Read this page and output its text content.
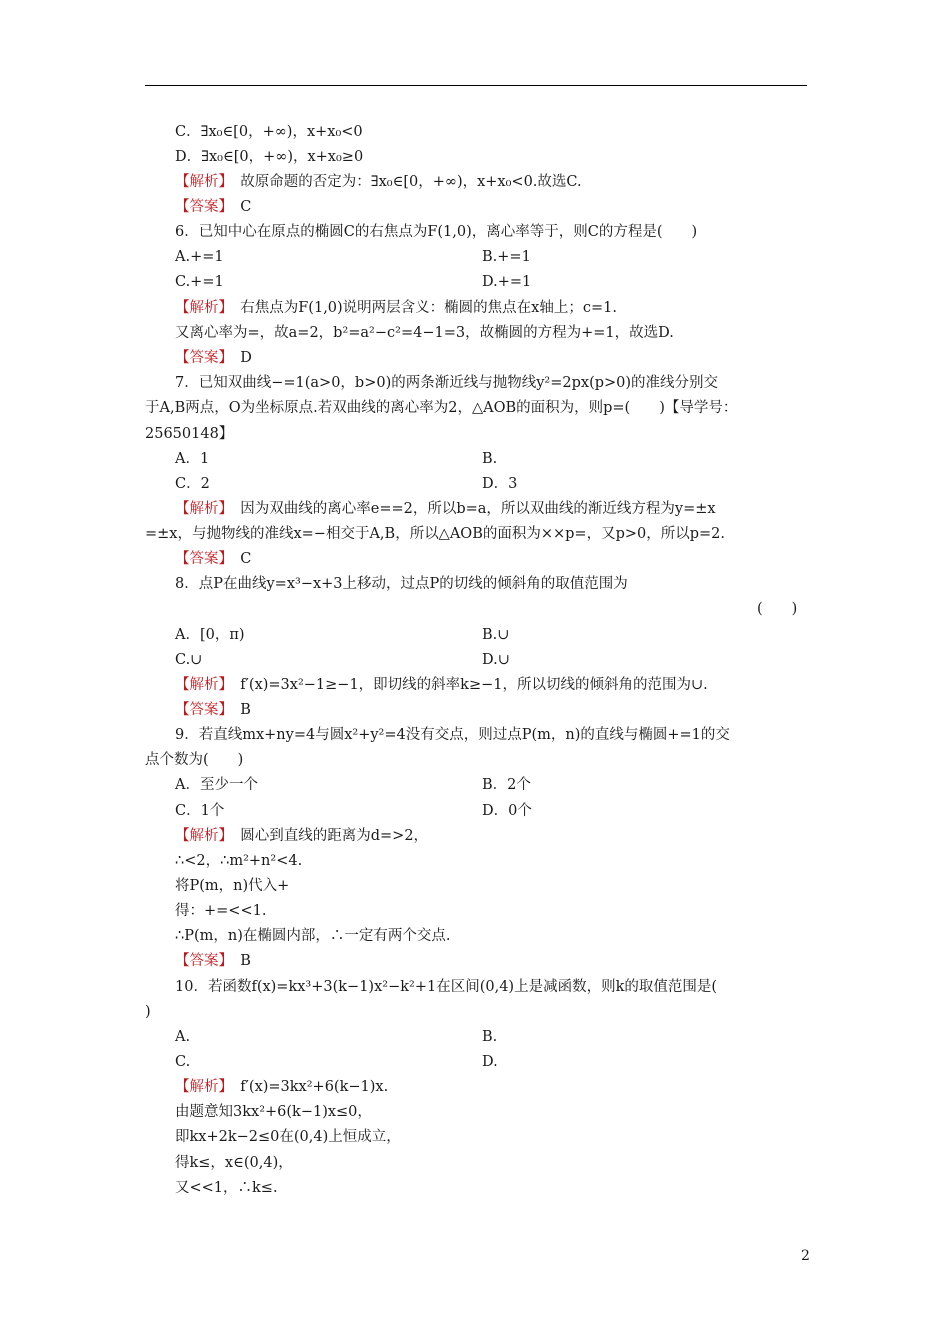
C．∃x₀∈[0，+∞)，x+x₀<0
D．∃x₀∈[0，+∞)，x+x₀≥0
【解析】　故原命题的否定为：∃x₀∈[0，+∞)，x+x₀<0.故选C.
【答案】　C
6．已知中心在原点的椭圆C的右焦点为F(1,0)，离心率等于，则C的方程是(　　)
A.+=1	B.+=1
C.+=1	D.+=1
【解析】　右焦点为F(1,0)说明两层含义：椭圆的焦点在x轴上；c=1.
又离心率为=，故a=2，b²=a²−c²=4−1=3，故椭圆的方程为+=1，故选D.
【答案】　D
7．已知双曲线−=1(a>0，b>0)的两条渐近线与抛物线y²=2px(p>0)的准线分别交
于A,B两点，O为坐标原点.若双曲线的离心率为2，△AOB的面积为，则p=(　　)【导学号：
25650148】
A．1	B.
C．2	D．3
【解析】　因为双曲线的离心率e==2，所以b=a，所以双曲线的渐近线方程为y=±x
=±x，与抛物线的准线x=−相交于A,B，所以△AOB的面积为××p=，又p>0，所以p=2.
【答案】　C
8．点P在曲线y=x³−x+3上移动，过点P的切线的倾斜角的取值范围为
(　　)
A．[0，π)	B.∪
C.∪	D.∪
【解析】　f′(x)=3x²−1≥−1，即切线的斜率k≥−1，所以切线的倾斜角的范围为∪.
【答案】　B
9．若直线mx+ny=4与圆x²+y²=4没有交点，则过点P(m，n)的直线与椭圆+=1的交
点个数为(　　)
A．至少一个	B．2个
C．1个	D．0个
【解析】　圆心到直线的距离为d=>2，
∴<2，∴m²+n²<4.
将P(m，n)代入+
得：+=<<1.
∴P(m，n)在椭圆内部，∴一定有两个交点.
【答案】　B
10．若函数f(x)=kx³+3(k−1)x²−k²+1在区间(0,4)上是减函数，则k的取值范围是(
)
A.	B.
C.	D.
【解析】　f′(x)=3kx²+6(k−1)x.
由题意知3kx²+6(k−1)x≤0，
即kx+2k−2≤0在(0,4)上恒成立，
得k≤，x∈(0,4)，
又<<1，∴k≤.
2
